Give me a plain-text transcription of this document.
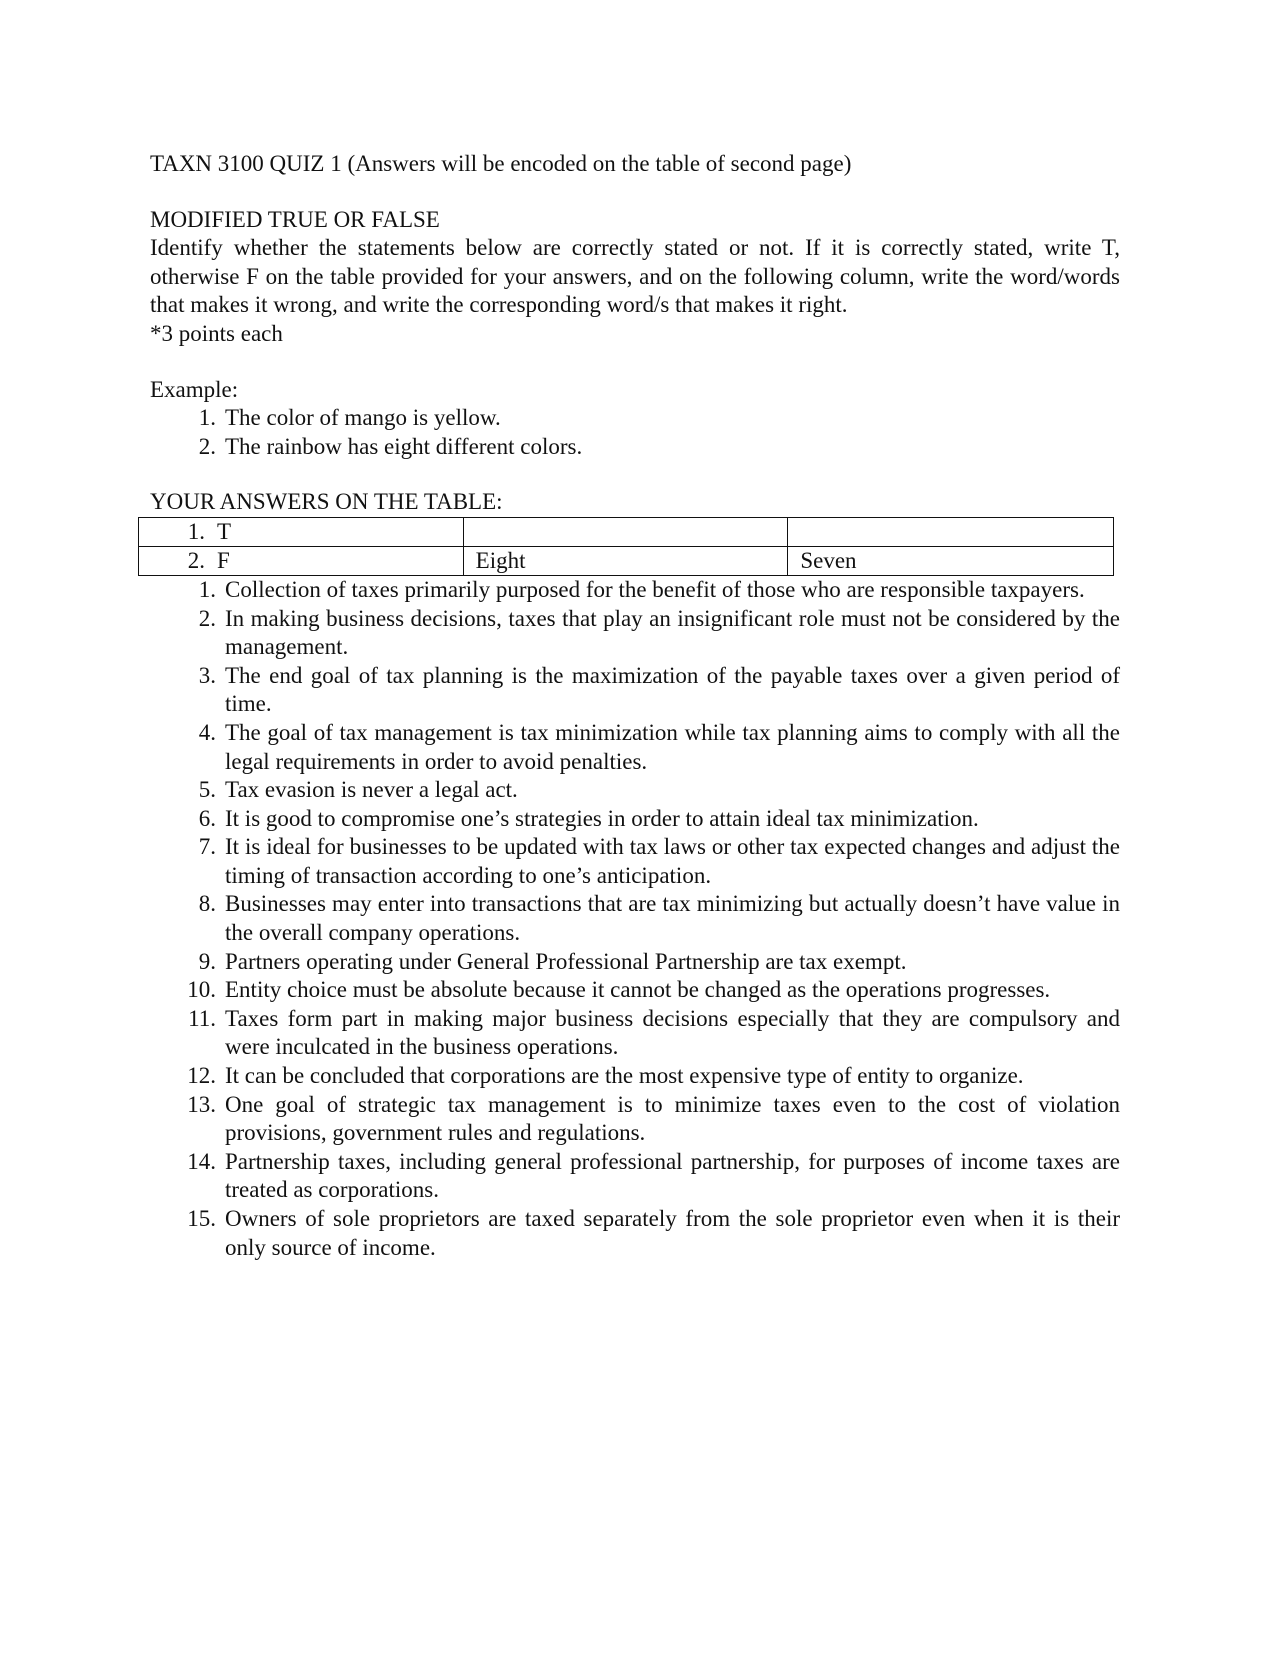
TAXN 3100 QUIZ 1 (Answers will be encoded on the table of second page)

MODIFIED TRUE OR FALSE

Identify whether the statements below are correctly stated or not. If it is correctly stated, write T, otherwise F on the table provided for your answers, and on the following column, write the word/words that makes it wrong, and write the corresponding word/s that makes it right.

*3 points each

Example:

1. The color of mango is yellow.
2. The rainbow has eight different colors.

YOUR ANSWERS ON THE TABLE:

1. T		
2. F	Eight	Seven
1. Collection of taxes primarily purposed for the benefit of those who are responsible taxpayers.
2. In making business decisions, taxes that play an insignificant role must not be considered by the management.
3. The end goal of tax planning is the maximization of the payable taxes over a given period of time.
4. The goal of tax management is tax minimization while tax planning aims to comply with all the legal requirements in order to avoid penalties.
5. Tax evasion is never a legal act.
6. It is good to compromise one’s strategies in order to attain ideal tax minimization.
7. It is ideal for businesses to be updated with tax laws or other tax expected changes and adjust the timing of transaction according to one’s anticipation.
8. Businesses may enter into transactions that are tax minimizing but actually doesn’t have value in the overall company operations.
9. Partners operating under General Professional Partnership are tax exempt.
10. Entity choice must be absolute because it cannot be changed as the operations progresses.
11. Taxes form part in making major business decisions especially that they are compulsory and were inculcated in the business operations.
12. It can be concluded that corporations are the most expensive type of entity to organize.
13. One goal of strategic tax management is to minimize taxes even to the cost of violation provisions, government rules and regulations.
14. Partnership taxes, including general professional partnership, for purposes of income taxes are treated as corporations.
15. Owners of sole proprietors are taxed separately from the sole proprietor even when it is their only source of income.
